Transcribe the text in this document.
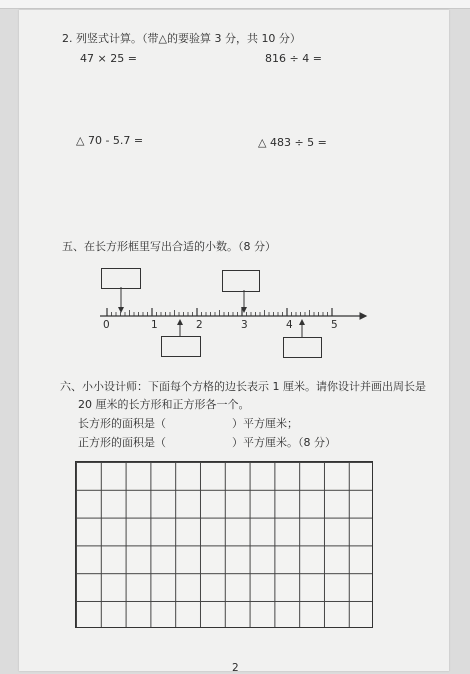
2. 列竖式计算。（带△的要验算 3 分，共 10 分）
47 × 25 =	816 ÷ 4 =
△ 70 - 5.7 =	△ 483 ÷ 5 =
五、在长方形框里写出合适的小数。（8 分）
0	1	2	3	4	5
六、小小设计师：下面每个方格的边长表示 1 厘米。请你设计并画出周长是
20 厘米的长方形和正方形各一个。
长方形的面积是（　　　　　　）平方厘米；
正方形的面积是（　　　　　　）平方厘米。（8 分）
2
